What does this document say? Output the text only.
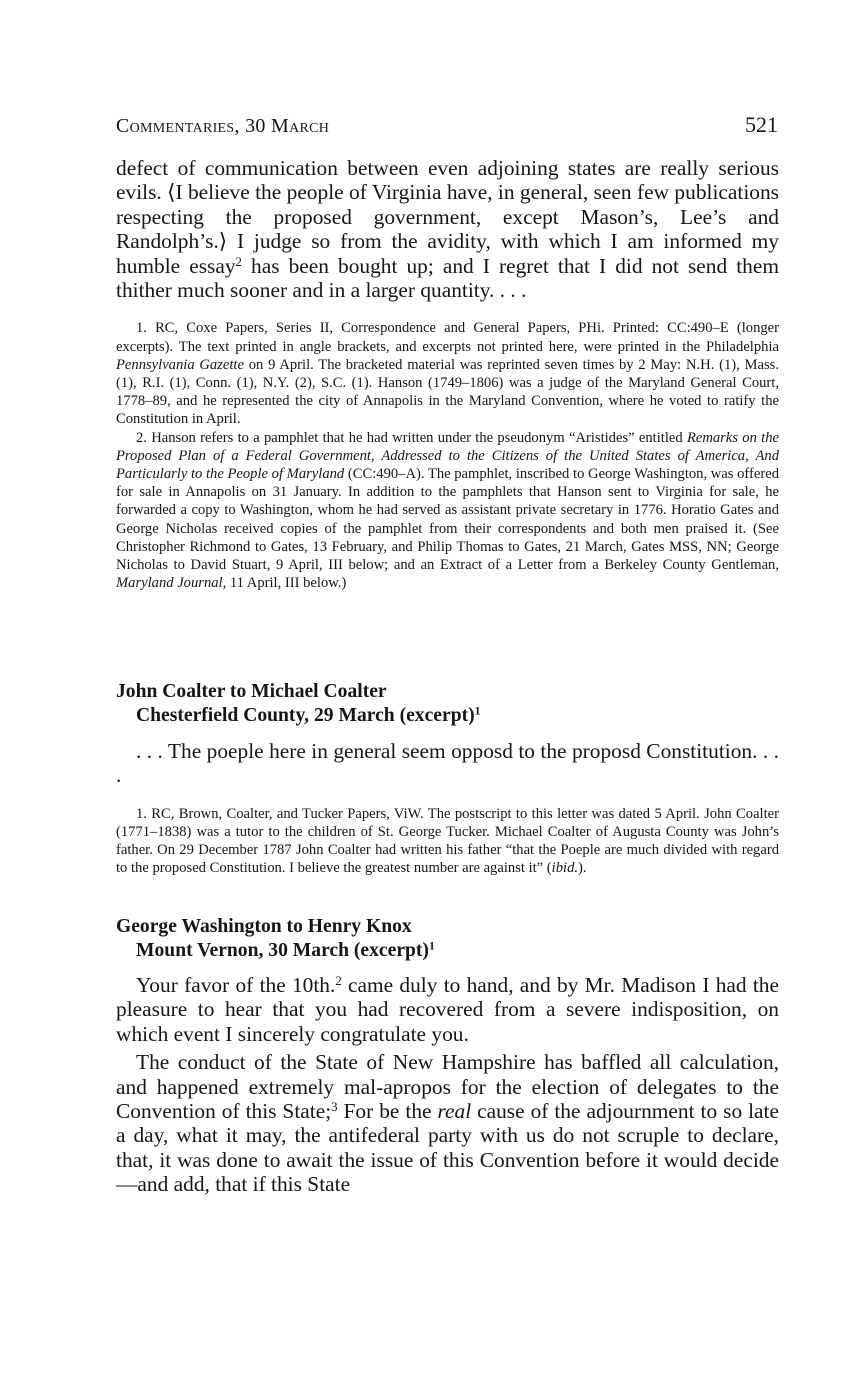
Commentaries, 30 March	521

defect of communication between even adjoining states are really serious evils. ⟨I believe the people of Virginia have, in general, seen few publications respecting the proposed government, except Mason’s, Lee’s and Randolph’s.⟩ I judge so from the avidity, with which I am informed my humble essay$^2$ has been bought up; and I regret that I did not send them thither much sooner and in a larger quantity. . . .

1. RC, Coxe Papers, Series II, Correspondence and General Papers, PHi. Printed: CC:490–E (longer excerpts). The text printed in angle brackets, and excerpts not printed here, were printed in the Philadelphia Pennsylvania Gazette on 9 April. The bracketed material was reprinted seven times by 2 May: N.H. (1), Mass. (1), R.I. (1), Conn. (1), N.Y. (2), S.C. (1). Hanson (1749–1806) was a judge of the Maryland General Court, 1778–89, and he represented the city of Annapolis in the Maryland Convention, where he voted to ratify the Constitution in April.

2. Hanson refers to a pamphlet that he had written under the pseudonym “Aristides” entitled Remarks on the Proposed Plan of a Federal Government, Addressed to the Citizens of the United States of America, And Particularly to the People of Maryland (CC:490–A). The pamphlet, inscribed to George Washington, was offered for sale in Annapolis on 31 January. In addition to the pamphlets that Hanson sent to Virginia for sale, he forwarded a copy to Washington, whom he had served as assistant private secretary in 1776. Horatio Gates and George Nicholas received copies of the pamphlet from their correspondents and both men praised it. (See Christopher Richmond to Gates, 13 February, and Philip Thomas to Gates, 21 March, Gates MSS, NN; George Nicholas to David Stuart, 9 April, III below; and an Extract of a Letter from a Berkeley County Gentleman, Maryland Journal, 11 April, III below.)

John Coalter to Michael Coalter
Chesterfield County, 29 March (excerpt)$^1$

. . . The poeple here in general seem opposd to the proposd Constitution. . . .

1. RC, Brown, Coalter, and Tucker Papers, ViW. The postscript to this letter was dated 5 April. John Coalter (1771–1838) was a tutor to the children of St. George Tucker. Michael Coalter of Augusta County was John’s father. On 29 December 1787 John Coalter had written his father “that the Poeple are much divided with regard to the proposed Constitution. I believe the greatest number are against it” (ibid.).

George Washington to Henry Knox
Mount Vernon, 30 March (excerpt)$^1$

Your favor of the 10th.$^2$ came duly to hand, and by Mr. Madison I had the pleasure to hear that you had recovered from a severe indisposition, on which event I sincerely congratulate you.

The conduct of the State of New Hampshire has baffled all calculation, and happened extremely mal-apropos for the election of delegates to the Convention of this State;$^3$ For be the real cause of the adjournment to so late a day, what it may, the antifederal party with us do not scruple to declare, that, it was done to await the issue of this Convention before it would decide—and add, that if this State
